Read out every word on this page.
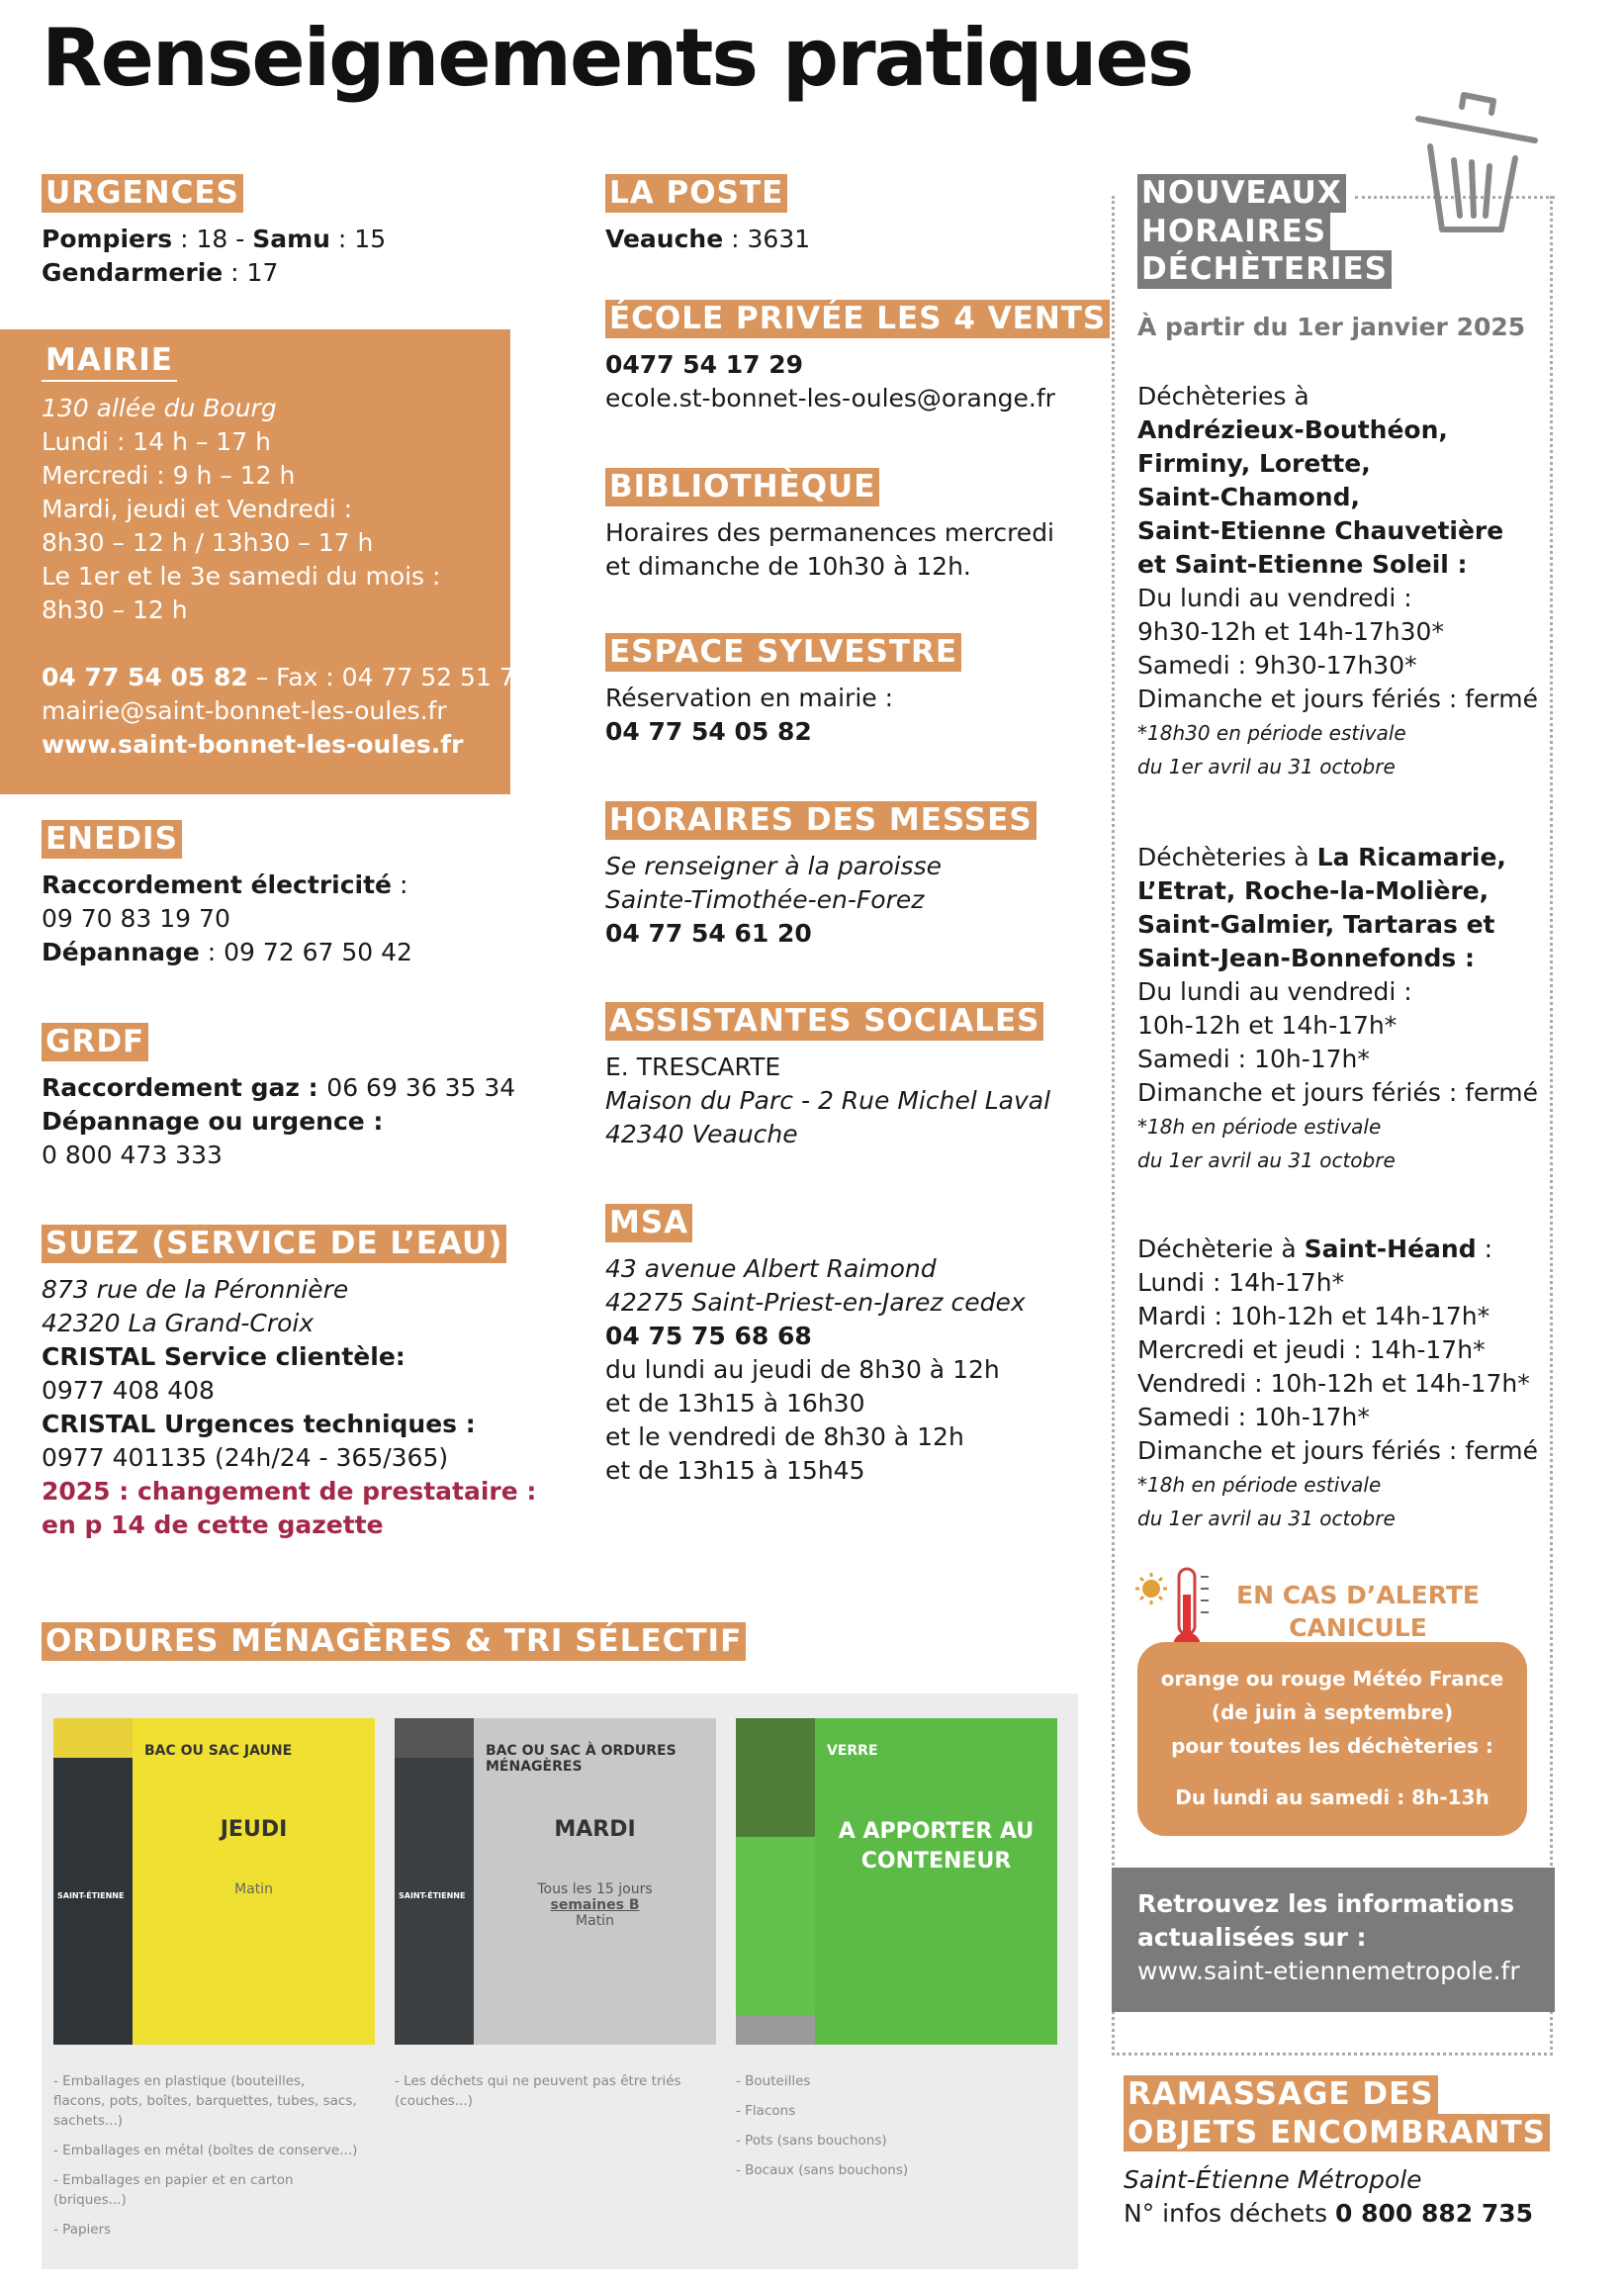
Renseignements pratiques
URGENCES
Pompiers : 18 - Samu : 15
Gendarmerie : 17
MAIRIE
130 allée du Bourg
Lundi : 14 h – 17 h
Mercredi : 9 h – 12 h
Mardi, jeudi et Vendredi :
8h30 – 12 h / 13h30 – 17 h
Le 1er et le 3e samedi du mois :
8h30 – 12 h
04 77 54 05 82 – Fax : 04 77 52 51 79
mairie@saint-bonnet-les-oules.fr
www.saint-bonnet-les-oules.fr
ENEDIS
Raccordement électricité :
09 70 83 19 70
Dépannage : 09 72 67 50 42
GRDF
Raccordement gaz : 06 69 36 35 34
Dépannage ou urgence :
0 800 473 333
SUEZ (SERVICE DE L’EAU)
873 rue de la Péronnière
42320 La Grand-Croix
CRISTAL Service clientèle:
0977 408 408
CRISTAL Urgences techniques :
0977 401135 (24h/24 - 365/365)
2025 : changement de prestataire :
en p 14 de cette gazette
LA POSTE
Veauche : 3631
ÉCOLE PRIVÉE LES 4 VENTS
0477 54 17 29
ecole.st-bonnet-les-oules@orange.fr
BIBLIOTHÈQUE
Horaires des permanences mercredi
et dimanche de 10h30 à 12h.
ESPACE SYLVESTRE
Réservation en mairie :
04 77 54 05 82
HORAIRES DES MESSES
Se renseigner à la paroisse
Sainte-Timothée-en-Forez
04 77 54 61 20
ASSISTANTES SOCIALES
E. TRESCARTE
Maison du Parc - 2 Rue Michel Laval
42340 Veauche
MSA
43 avenue Albert Raimond
42275 Saint-Priest-en-Jarez cedex
04 75 75 68 68
du lundi au jeudi de 8h30 à 12h
et de 13h15 à 16h30
et le vendredi de 8h30 à 12h
et de 13h15 à 15h45
NOUVEAUX
HORAIRES
DÉCHÈTERIES
À partir du 1er janvier 2025
Déchèteries à
Andrézieux-Bouthéon,
Firminy, Lorette,
Saint-Chamond,
Saint-Etienne Chauvetière
et Saint-Etienne Soleil :
Du lundi au vendredi :
9h30-12h et 14h-17h30*
Samedi : 9h30-17h30*
Dimanche et jours fériés : fermé
*18h30 en période estivale
du 1er avril au 31 octobre
Déchèteries à La Ricamarie,
L’Etrat, Roche-la-Molière,
Saint-Galmier, Tartaras et
Saint-Jean-Bonnefonds :
Du lundi au vendredi :
10h-12h et 14h-17h*
Samedi : 10h-17h*
Dimanche et jours fériés : fermé
*18h en période estivale
du 1er avril au 31 octobre
Déchèterie à Saint-Héand :
Lundi : 14h-17h*
Mardi : 10h-12h et 14h-17h*
Mercredi et jeudi : 14h-17h*
Vendredi : 10h-12h et 14h-17h*
Samedi : 10h-17h*
Dimanche et jours fériés : fermé
*18h en période estivale
du 1er avril au 31 octobre
EN CAS D’ALERTE
CANICULE
orange ou rouge Météo France
(de juin à septembre)
pour toutes les déchèteries :
Du lundi au samedi : 8h-13h
Retrouvez les informations
actualisées sur :
www.saint-etiennemetropole.fr
RAMASSAGE DES
OBJETS ENCOMBRANTS
Saint-Étienne Métropole
N° infos déchets 0 800 882 735
ORDURES MÉNAGÈRES & TRI SÉLECTIF
SAINT-ÉTIENNE
BAC OU SAC JAUNE
JEUDI
Matin	SAINT-ÉTIENNE
BAC OU SAC À ORDURES MÉNAGÈRES
MARDI
Tous les 15 jours
semaines B
Matin
VERRE
A APPORTER AU CONTENEUR
- Emballages en plastique (bouteilles,
flacons, pots, boîtes, barquettes, tubes, sacs,
sachets...)
- Emballages en métal (boîtes de conserve...)
- Emballages en papier et en carton
(briques...)
- Papiers
- Les déchets qui ne peuvent pas être triés
(couches...)
- Bouteilles
- Flacons
- Pots (sans bouchons)
- Bocaux (sans bouchons)
